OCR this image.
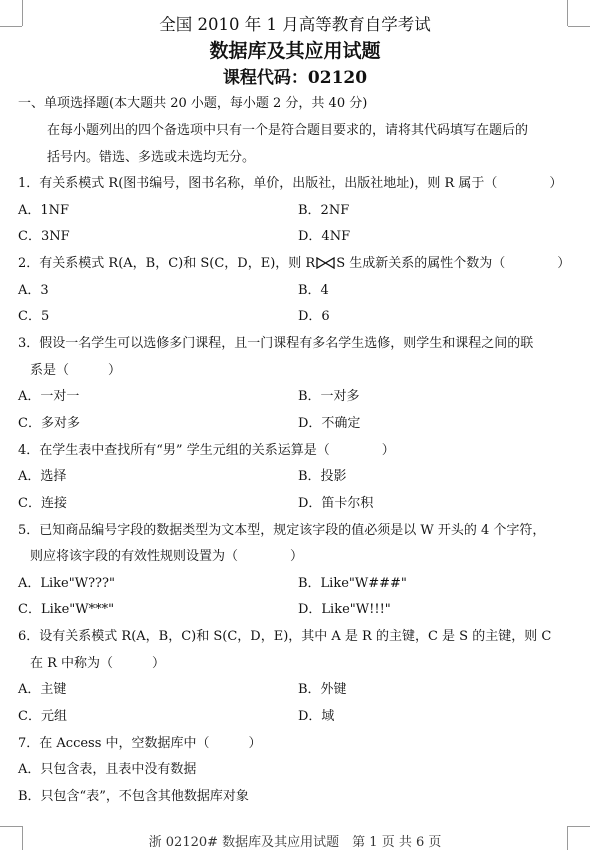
全国 2010 年 1 月高等教育自学考试
数据库及其应用试题
课程代码：02120
一、单项选择题(本大题共 20 小题，每小题 2 分，共 40 分)
在每小题列出的四个备选项中只有一个是符合题目要求的，请将其代码填写在题后的
括号内。错选、多选或未选均无分。
1．有关系模式 R(图书编号，图书名称，单价，出版社，出版社地址)，则 R 属于（　　　　）
A．1NF	B．2NF
C．3NF	D．4NF
2．有关系模式 R(A，B，C)和 S(C，D，E)，则 R S 生成新关系的属性个数为（　　　　）
A．3	B．4
C．5	D．6
3．假设一名学生可以选修多门课程，且一门课程有多名学生选修，则学生和课程之间的联
系是（　　　）
A．一对一	B．一对多
C．多对多	D．不确定
4．在学生表中查找所有“男” 学生元组的关系运算是（　　　　）
A．选择	B．投影
C．连接	D．笛卡尔积
5．已知商品编号字段的数据类型为文本型，规定该字段的值必须是以 W 开头的 4 个字符，
则应将该字段的有效性规则设置为（　　　　）
A．Like"W???"	B．Like"W###"
C．Like"W***"	D．Like"W!!!"
6．设有关系模式 R(A，B，C)和 S(C，D，E)，其中 A 是 R 的主键，C 是 S 的主键，则 C
在 R 中称为（　　　）
A．主键	B．外键
C．元组	D．域
7．在 Access 中，空数据库中（　　　）
A．只包含表，且表中没有数据
B．只包含“表”，不包含其他数据库对象
浙 02120# 数据库及其应用试题　第 1 页 共 6 页
